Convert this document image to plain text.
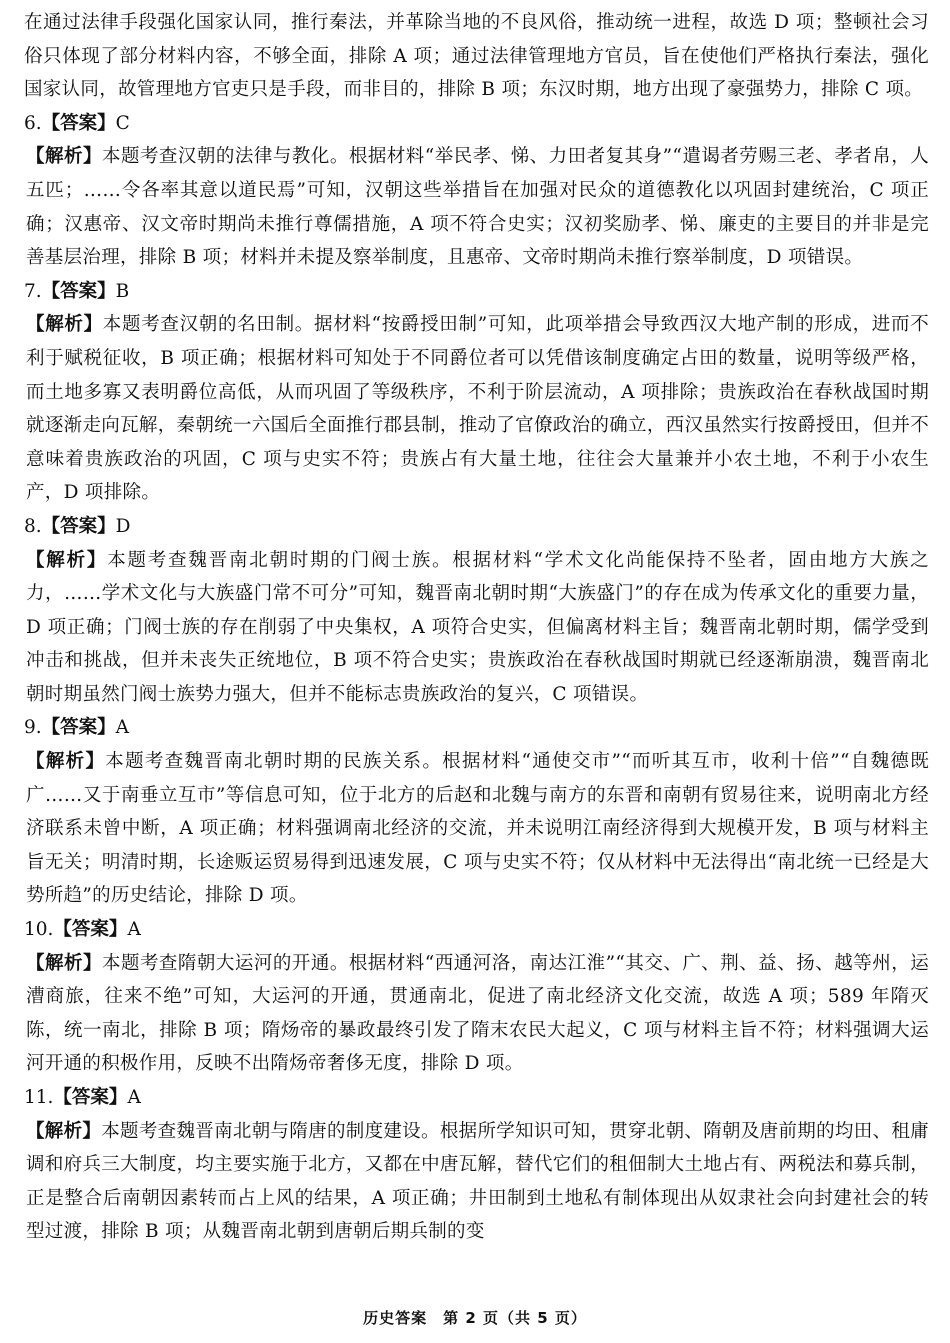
在通过法律手段强化国家认同，推行秦法，并革除当地的不良风俗，推动统一进程，故选 D 项；整顿社会习俗只体现了部分材料内容，不够全面，排除 A 项；通过法律管理地方官员，旨在使他们严格执行秦法，强化国家认同，故管理地方官吏只是手段，而非目的，排除 B 项；东汉时期，地方出现了豪强势力，排除 C 项。

6.【答案】C

【解析】本题考查汉朝的法律与教化。根据材料“举民孝、悌、力田者复其身”“遣谒者劳赐三老、孝者帛，人五匹；……令各率其意以道民焉”可知，汉朝这些举措旨在加强对民众的道德教化以巩固封建统治，C 项正确；汉惠帝、汉文帝时期尚未推行尊儒措施，A 项不符合史实；汉初奖励孝、悌、廉吏的主要目的并非是完善基层治理，排除 B 项；材料并未提及察举制度，且惠帝、文帝时期尚未推行察举制度，D 项错误。

7.【答案】B

【解析】本题考查汉朝的名田制。据材料“按爵授田制”可知，此项举措会导致西汉大地产制的形成，进而不利于赋税征收，B 项正确；根据材料可知处于不同爵位者可以凭借该制度确定占田的数量，说明等级严格，而土地多寡又表明爵位高低，从而巩固了等级秩序，不利于阶层流动，A 项排除；贵族政治在春秋战国时期就逐渐走向瓦解，秦朝统一六国后全面推行郡县制，推动了官僚政治的确立，西汉虽然实行按爵授田，但并不意味着贵族政治的巩固，C 项与史实不符；贵族占有大量土地，往往会大量兼并小农土地，不利于小农生产，D 项排除。

8.【答案】D

【解析】本题考查魏晋南北朝时期的门阀士族。根据材料“学术文化尚能保持不坠者，固由地方大族之力，……学术文化与大族盛门常不可分”可知，魏晋南北朝时期“大族盛门”的存在成为传承文化的重要力量，D 项正确；门阀士族的存在削弱了中央集权，A 项符合史实，但偏离材料主旨；魏晋南北朝时期，儒学受到冲击和挑战，但并未丧失正统地位，B 项不符合史实；贵族政治在春秋战国时期就已经逐渐崩溃，魏晋南北朝时期虽然门阀士族势力强大，但并不能标志贵族政治的复兴，C 项错误。

9.【答案】A

【解析】本题考查魏晋南北朝时期的民族关系。根据材料“通使交市”“而听其互市，收利十倍”“自魏德既广……又于南垂立互市”等信息可知，位于北方的后赵和北魏与南方的东晋和南朝有贸易往来，说明南北方经济联系未曾中断，A 项正确；材料强调南北经济的交流，并未说明江南经济得到大规模开发，B 项与材料主旨无关；明清时期，长途贩运贸易得到迅速发展，C 项与史实不符；仅从材料中无法得出“南北统一已经是大势所趋”的历史结论，排除 D 项。

10.【答案】A

【解析】本题考查隋朝大运河的开通。根据材料“西通河洛，南达江淮”“其交、广、荆、益、扬、越等州，运漕商旅，往来不绝”可知，大运河的开通，贯通南北，促进了南北经济文化交流，故选 A 项；589 年隋灭陈，统一南北，排除 B 项；隋炀帝的暴政最终引发了隋末农民大起义，C 项与材料主旨不符；材料强调大运河开通的积极作用，反映不出隋炀帝奢侈无度，排除 D 项。

11.【答案】A

【解析】本题考查魏晋南北朝与隋唐的制度建设。根据所学知识可知，贯穿北朝、隋朝及唐前期的均田、租庸调和府兵三大制度，均主要实施于北方，又都在中唐瓦解，替代它们的租佃制大土地占有、两税法和募兵制，正是整合后南朝因素转而占上风的结果，A 项正确；井田制到土地私有制体现出从奴隶社会向封建社会的转型过渡，排除 B 项；从魏晋南北朝到唐朝后期兵制的变

历史答案　第 2 页（共 5 页）
